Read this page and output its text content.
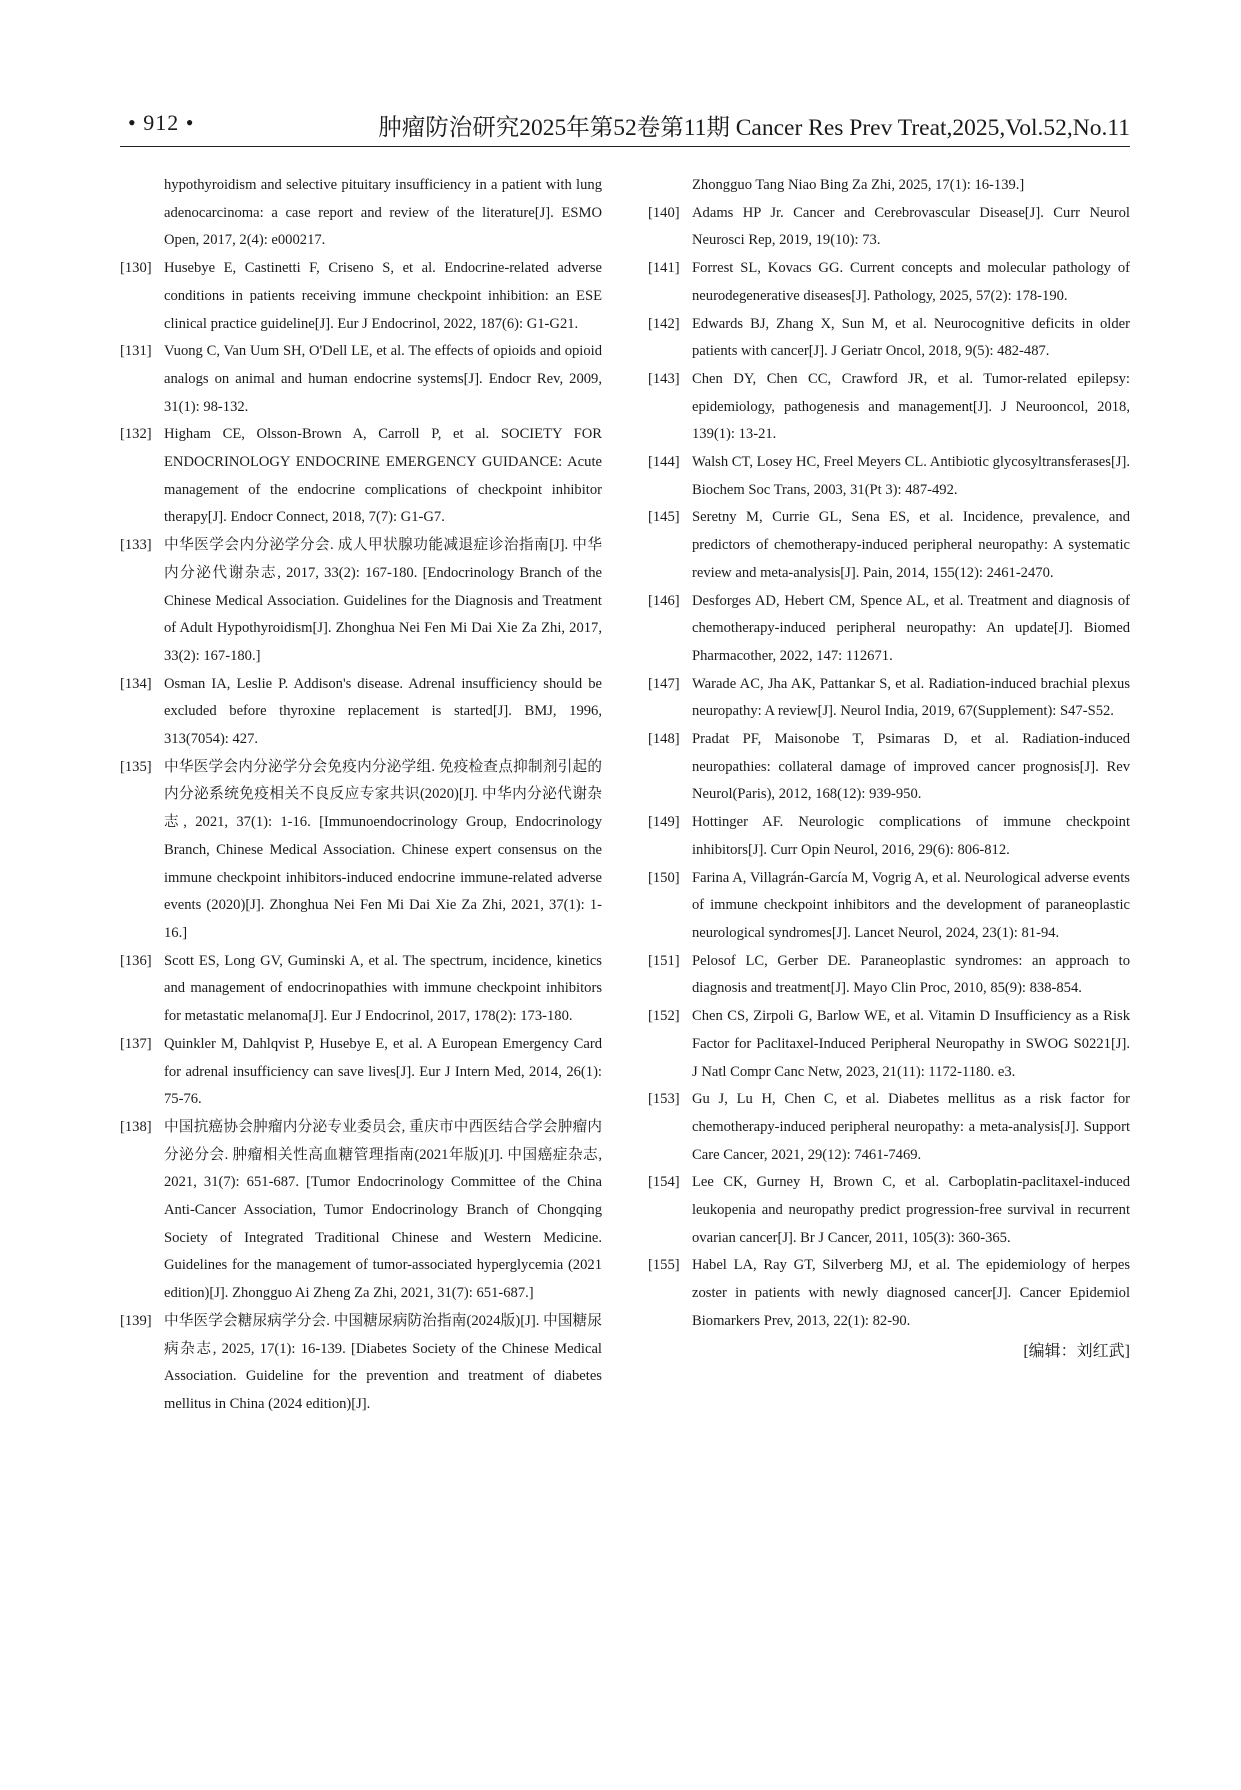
• 912 •	肿瘤防治研究2025年第52卷第11期 Cancer Res Prev Treat,2025,Vol.52,No.11
hypothyroidism and selective pituitary insufficiency in a patient with lung adenocarcinoma: a case report and review of the literature[J]. ESMO Open, 2017, 2(4): e000217.
[130] Husebye E, Castinetti F, Criseno S, et al. Endocrine-related adverse conditions in patients receiving immune checkpoint inhibition: an ESE clinical practice guideline[J]. Eur J Endocrinol, 2022, 187(6): G1-G21.
[131] Vuong C, Van Uum SH, O'Dell LE, et al. The effects of opioids and opioid analogs on animal and human endocrine systems[J]. Endocr Rev, 2009, 31(1): 98-132.
[132] Higham CE, Olsson-Brown A, Carroll P, et al. SOCIETY FOR ENDOCRINOLOGY ENDOCRINE EMERGENCY GUIDANCE: Acute management of the endocrine complications of checkpoint inhibitor therapy[J]. Endocr Connect, 2018, 7(7): G1-G7.
[133] 中华医学会内分泌学分会. 成人甲状腺功能减退症诊治指南[J]. 中华内分泌代谢杂志, 2017, 33(2): 167-180. [Endocrinology Branch of the Chinese Medical Association. Guidelines for the Diagnosis and Treatment of Adult Hypothyroidism[J]. Zhonghua Nei Fen Mi Dai Xie Za Zhi, 2017, 33(2): 167-180.]
[134] Osman IA, Leslie P. Addison's disease. Adrenal insufficiency should be excluded before thyroxine replacement is started[J]. BMJ, 1996, 313(7054): 427.
[135] 中华医学会内分泌学分会免疫内分泌学组. 免疫检查点抑制剂引起的内分泌系统免疫相关不良反应专家共识(2020)[J]. 中华内分泌代谢杂志, 2021, 37(1): 1-16. [Immunoendocrinology Group, Endocrinology Branch, Chinese Medical Association. Chinese expert consensus on the immune checkpoint inhibitors-induced endocrine immune-related adverse events (2020)[J]. Zhonghua Nei Fen Mi Dai Xie Za Zhi, 2021, 37(1): 1-16.]
[136] Scott ES, Long GV, Guminski A, et al. The spectrum, incidence, kinetics and management of endocrinopathies with immune checkpoint inhibitors for metastatic melanoma[J]. Eur J Endocrinol, 2017, 178(2): 173-180.
[137] Quinkler M, Dahlqvist P, Husebye E, et al. A European Emergency Card for adrenal insufficiency can save lives[J]. Eur J Intern Med, 2014, 26(1): 75-76.
[138] 中国抗癌协会肿瘤内分泌专业委员会, 重庆市中西医结合学会肿瘤内分泌分会. 肿瘤相关性高血糖管理指南(2021年版)[J]. 中国癌症杂志, 2021, 31(7): 651-687. [Tumor Endocrinology Committee of the China Anti-Cancer Association, Tumor Endocrinology Branch of Chongqing Society of Integrated Traditional Chinese and Western Medicine. Guidelines for the management of tumor-associated hyperglycemia (2021 edition)[J]. Zhongguo Ai Zheng Za Zhi, 2021, 31(7): 651-687.]
[139] 中华医学会糖尿病学分会. 中国糖尿病防治指南(2024版)[J]. 中国糖尿病杂志, 2025, 17(1): 16-139. [Diabetes Society of the Chinese Medical Association. Guideline for the prevention and treatment of diabetes mellitus in China (2024 edition)[J].
Zhongguo Tang Niao Bing Za Zhi, 2025, 17(1): 16-139.]
[140] Adams HP Jr. Cancer and Cerebrovascular Disease[J]. Curr Neurol Neurosci Rep, 2019, 19(10): 73.
[141] Forrest SL, Kovacs GG. Current concepts and molecular pathology of neurodegenerative diseases[J]. Pathology, 2025, 57(2): 178-190.
[142] Edwards BJ, Zhang X, Sun M, et al. Neurocognitive deficits in older patients with cancer[J]. J Geriatr Oncol, 2018, 9(5): 482-487.
[143] Chen DY, Chen CC, Crawford JR, et al. Tumor-related epilepsy: epidemiology, pathogenesis and management[J]. J Neurooncol, 2018, 139(1): 13-21.
[144] Walsh CT, Losey HC, Freel Meyers CL. Antibiotic glycosyltransferases[J]. Biochem Soc Trans, 2003, 31(Pt 3): 487-492.
[145] Seretny M, Currie GL, Sena ES, et al. Incidence, prevalence, and predictors of chemotherapy-induced peripheral neuropathy: A systematic review and meta-analysis[J]. Pain, 2014, 155(12): 2461-2470.
[146] Desforges AD, Hebert CM, Spence AL, et al. Treatment and diagnosis of chemotherapy-induced peripheral neuropathy: An update[J]. Biomed Pharmacother, 2022, 147: 112671.
[147] Warade AC, Jha AK, Pattankar S, et al. Radiation-induced brachial plexus neuropathy: A review[J]. Neurol India, 2019, 67(Supplement): S47-S52.
[148] Pradat PF, Maisonobe T, Psimaras D, et al. Radiation-induced neuropathies: collateral damage of improved cancer prognosis[J]. Rev Neurol(Paris), 2012, 168(12): 939-950.
[149] Hottinger AF. Neurologic complications of immune checkpoint inhibitors[J]. Curr Opin Neurol, 2016, 29(6): 806-812.
[150] Farina A, Villagrán-García M, Vogrig A, et al. Neurological adverse events of immune checkpoint inhibitors and the development of paraneoplastic neurological syndromes[J]. Lancet Neurol, 2024, 23(1): 81-94.
[151] Pelosof LC, Gerber DE. Paraneoplastic syndromes: an approach to diagnosis and treatment[J]. Mayo Clin Proc, 2010, 85(9): 838-854.
[152] Chen CS, Zirpoli G, Barlow WE, et al. Vitamin D Insufficiency as a Risk Factor for Paclitaxel-Induced Peripheral Neuropathy in SWOG S0221[J]. J Natl Compr Canc Netw, 2023, 21(11): 1172-1180. e3.
[153] Gu J, Lu H, Chen C, et al. Diabetes mellitus as a risk factor for chemotherapy-induced peripheral neuropathy: a meta-analysis[J]. Support Care Cancer, 2021, 29(12): 7461-7469.
[154] Lee CK, Gurney H, Brown C, et al. Carboplatin-paclitaxel-induced leukopenia and neuropathy predict progression-free survival in recurrent ovarian cancer[J]. Br J Cancer, 2011, 105(3): 360-365.
[155] Habel LA, Ray GT, Silverberg MJ, et al. The epidemiology of herpes zoster in patients with newly diagnosed cancer[J]. Cancer Epidemiol Biomarkers Prev, 2013, 22(1): 82-90.
[编辑：刘红武]
